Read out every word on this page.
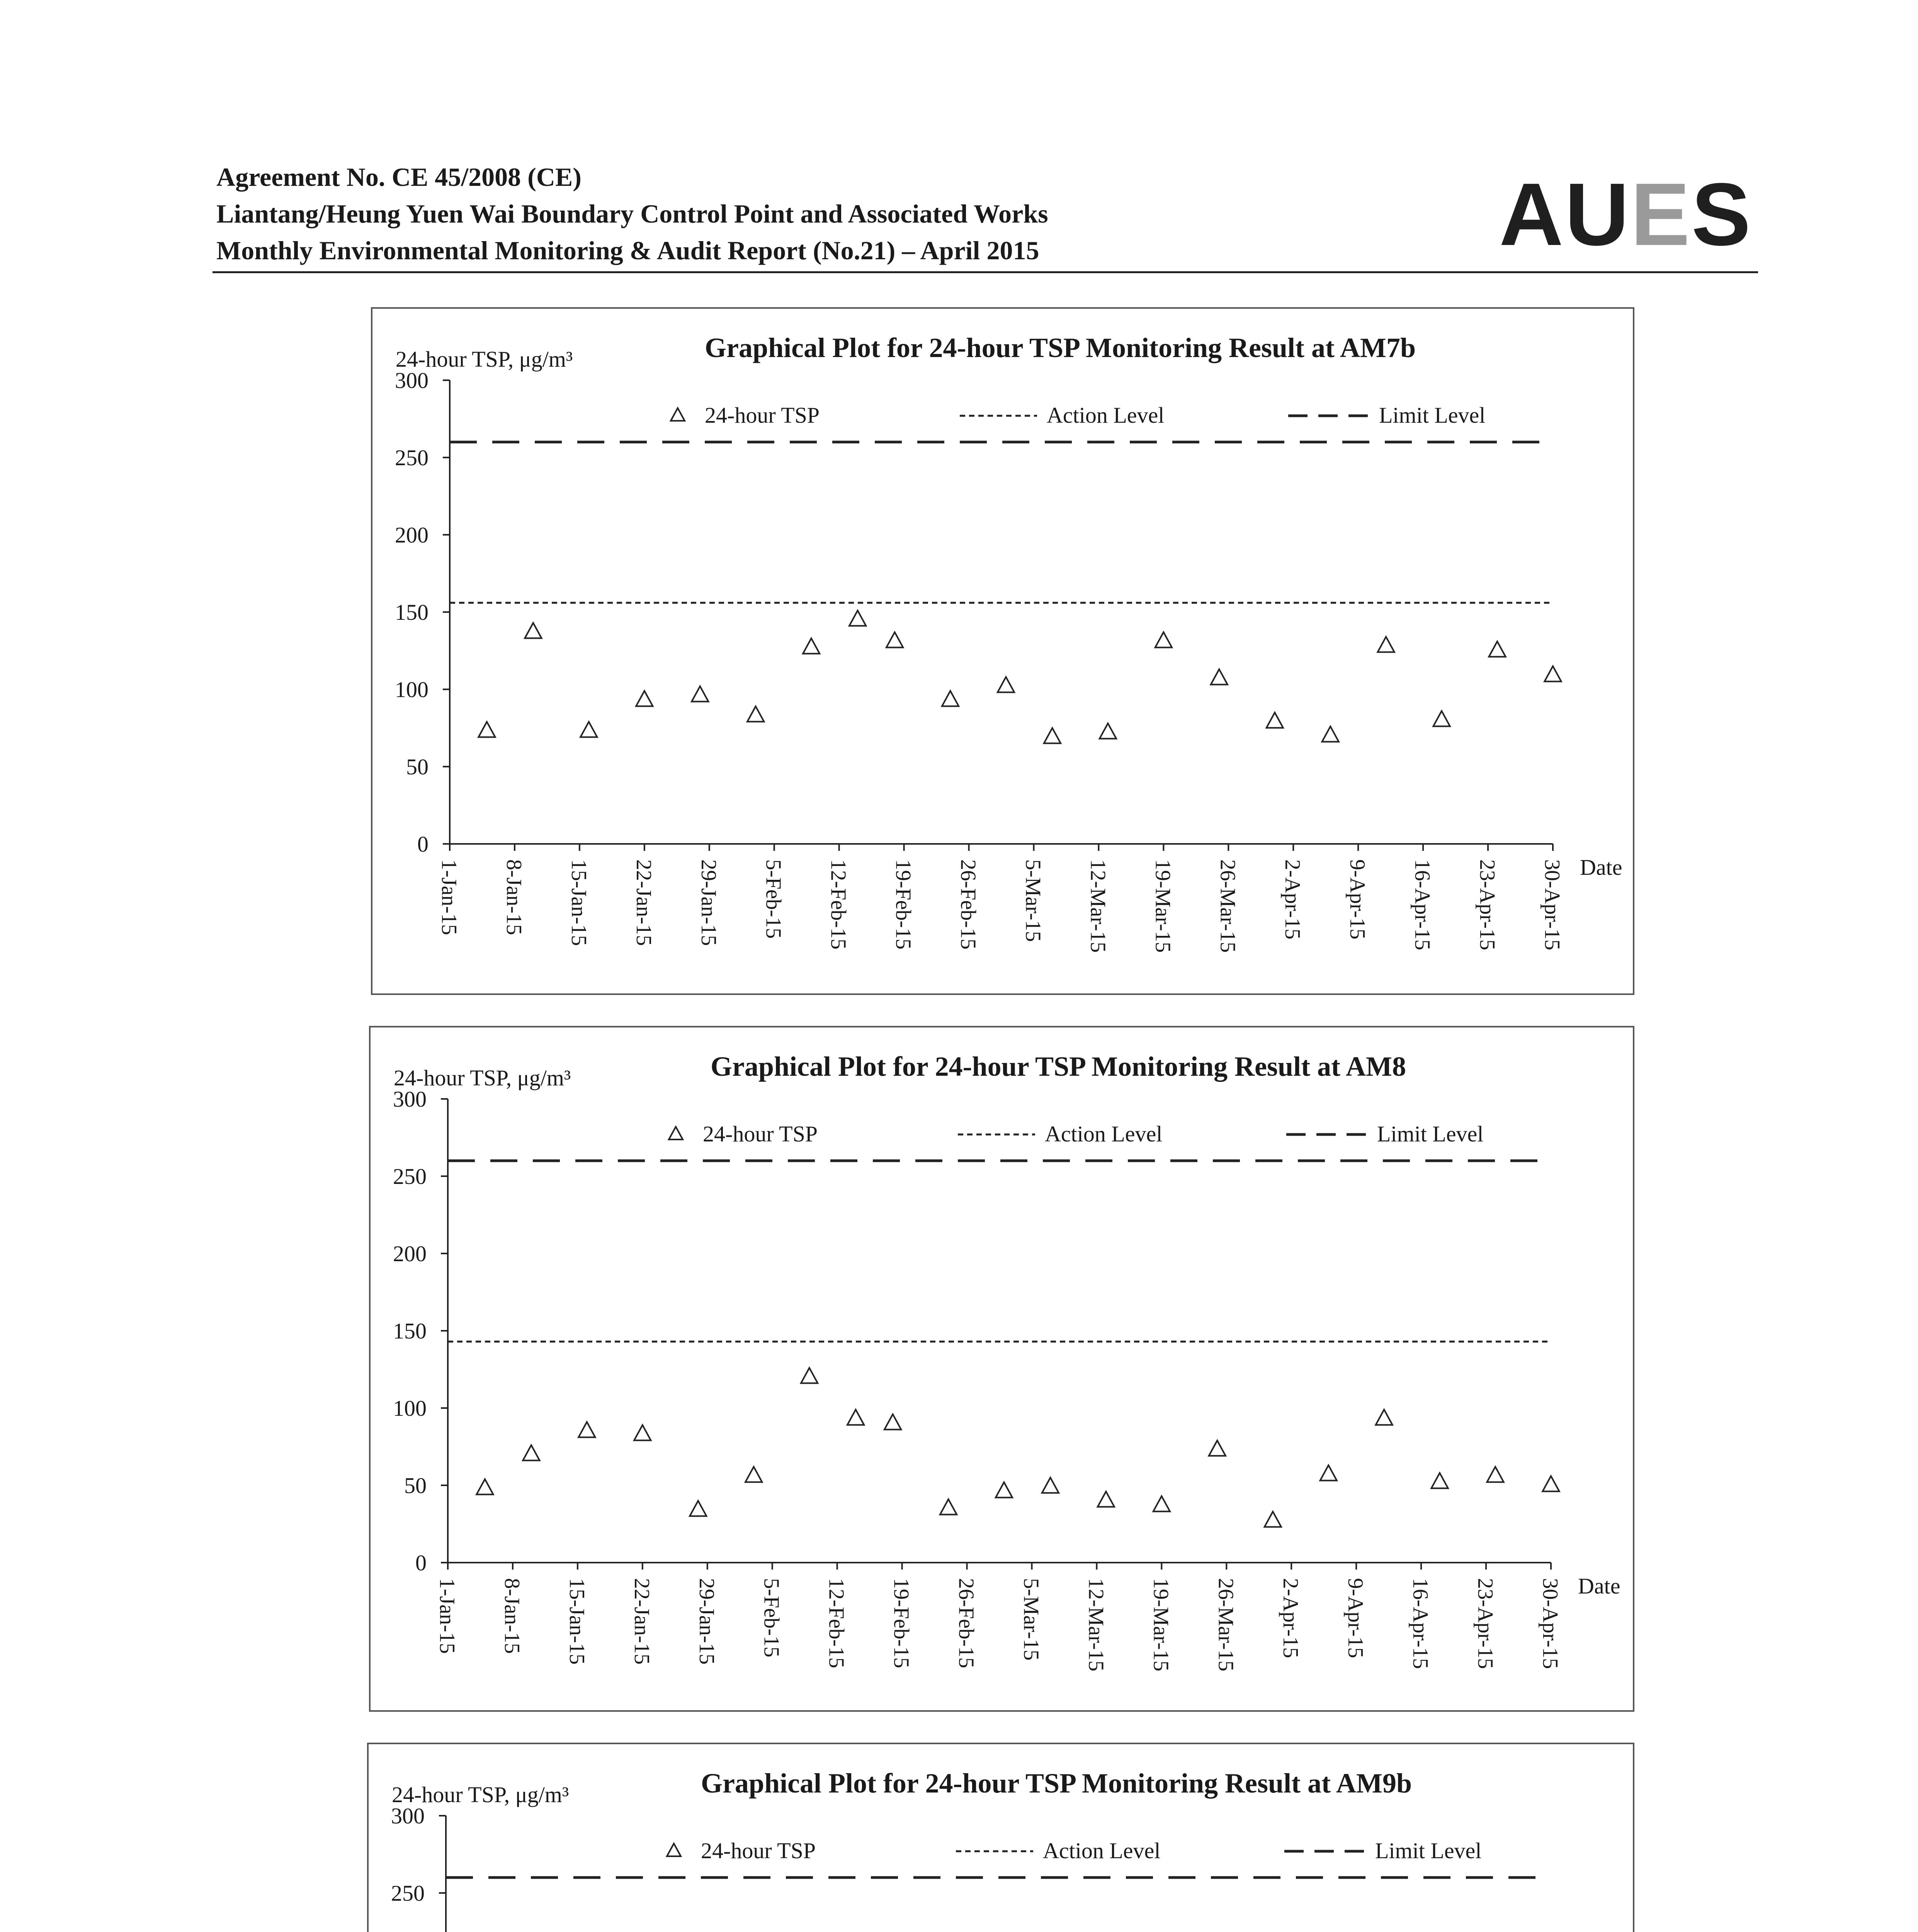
Agreement No. CE 45/2008 (CE)
Liantang/Heung Yuen Wai Boundary Control Point and Associated Works
Monthly Environmental Monitoring & Audit Report (No.21) – April 2015	AUES
Graphical Plot for 24-hour TSP Monitoring Result at AM7b
24-hour TSP, μg/m³
0
50
100
150
200
250
300
1-Jan-15 8-Jan-15 15-Jan-15 22-Jan-15 29-Jan-15 5-Feb-15 12-Feb-15 19-Feb-15 26-Feb-15 5-Mar-15 12-Mar-15 19-Mar-15 26-Mar-15 2-Apr-15 9-Apr-15 16-Apr-15 23-Apr-15 30-Apr-15 Date
24-hour TSP	Action Level	Limit Level
Graphical Plot for 24-hour TSP Monitoring Result at AM8
24-hour TSP, μg/m³
0
50
100
150
200
250
300
1-Jan-15 8-Jan-15 15-Jan-15 22-Jan-15 29-Jan-15 5-Feb-15 12-Feb-15 19-Feb-15 26-Feb-15 5-Mar-15 12-Mar-15 19-Mar-15 26-Mar-15 2-Apr-15 9-Apr-15 16-Apr-15 23-Apr-15 30-Apr-15 Date
24-hour TSP	Action Level	Limit Level
Graphical Plot for 24-hour TSP Monitoring Result at AM9b
24-hour TSP, μg/m³
250
300
24-hour TSP	Action Level	Limit Level
